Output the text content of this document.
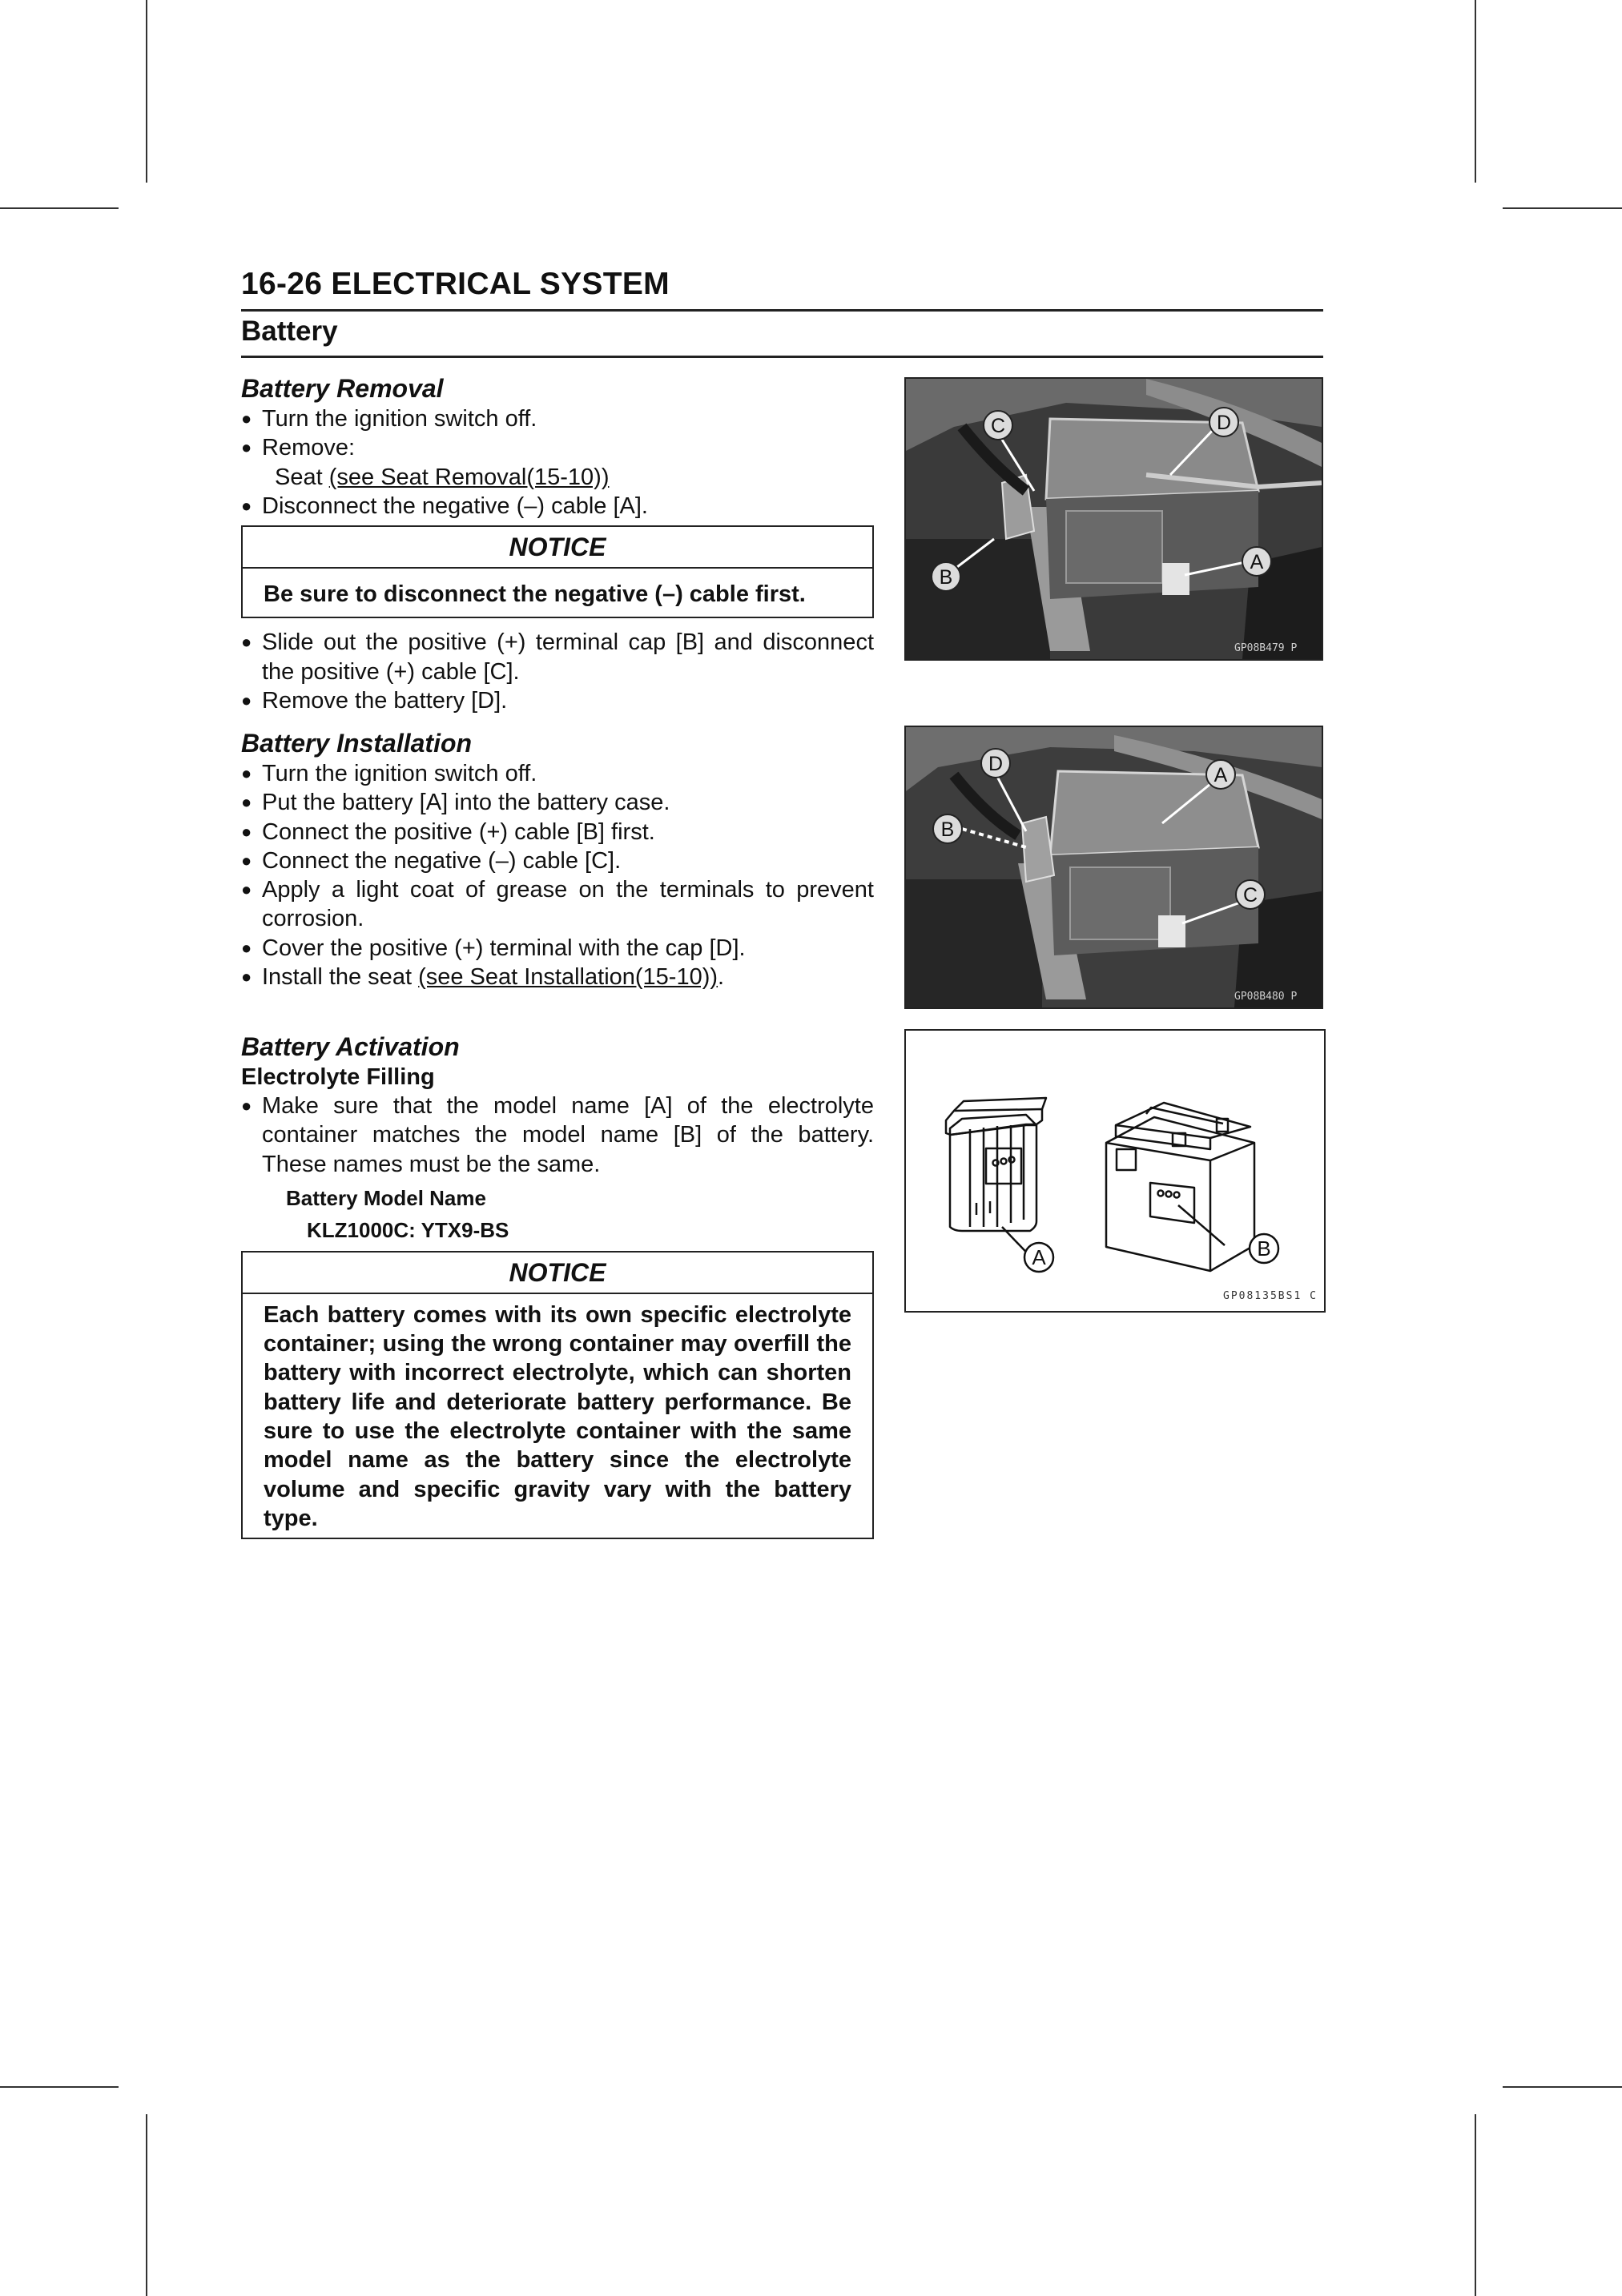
16-26 ELECTRICAL SYSTEM
Battery

Battery Removal

● Turn the ignition switch off.

● Remove:

Seat (see Seat Removal(15-10))

● Disconnect the negative (–) cable [A].

NOTICE
Be sure to disconnect the negative (–) cable first.

● Slide out the positive (+) terminal cap [B] and disconnect the positive (+) cable [C].

● Remove the battery [D].

Battery Installation

● Turn the ignition switch off.

● Put the battery [A] into the battery case.

● Connect the positive (+) cable [B] first.

● Connect the negative (–) cable [C].

● Apply a light coat of grease on the terminals to prevent corrosion.

● Cover the positive (+) terminal with the cap [D].

● Install the seat (see Seat Installation(15-10)).

Battery Activation

Electrolyte Filling

● Make sure that the model name [A] of the electrolyte container matches the model name [B] of the battery. These names must be the same.

Battery Model Name

KLZ1000C: YTX9-BS

NOTICE
Each battery comes with its own specific electrolyte container; using the wrong container may overfill the battery with incorrect electrolyte, which can shorten battery life and deteriorate battery performance. Be sure to use the electrolyte container with the same model name as the battery since the electrolyte volume and specific gravity vary with the battery type.
C	D
B
A
GP08B479 P
D	A
B
C
GP08B480 P
A	B
GP08135BS1 C
